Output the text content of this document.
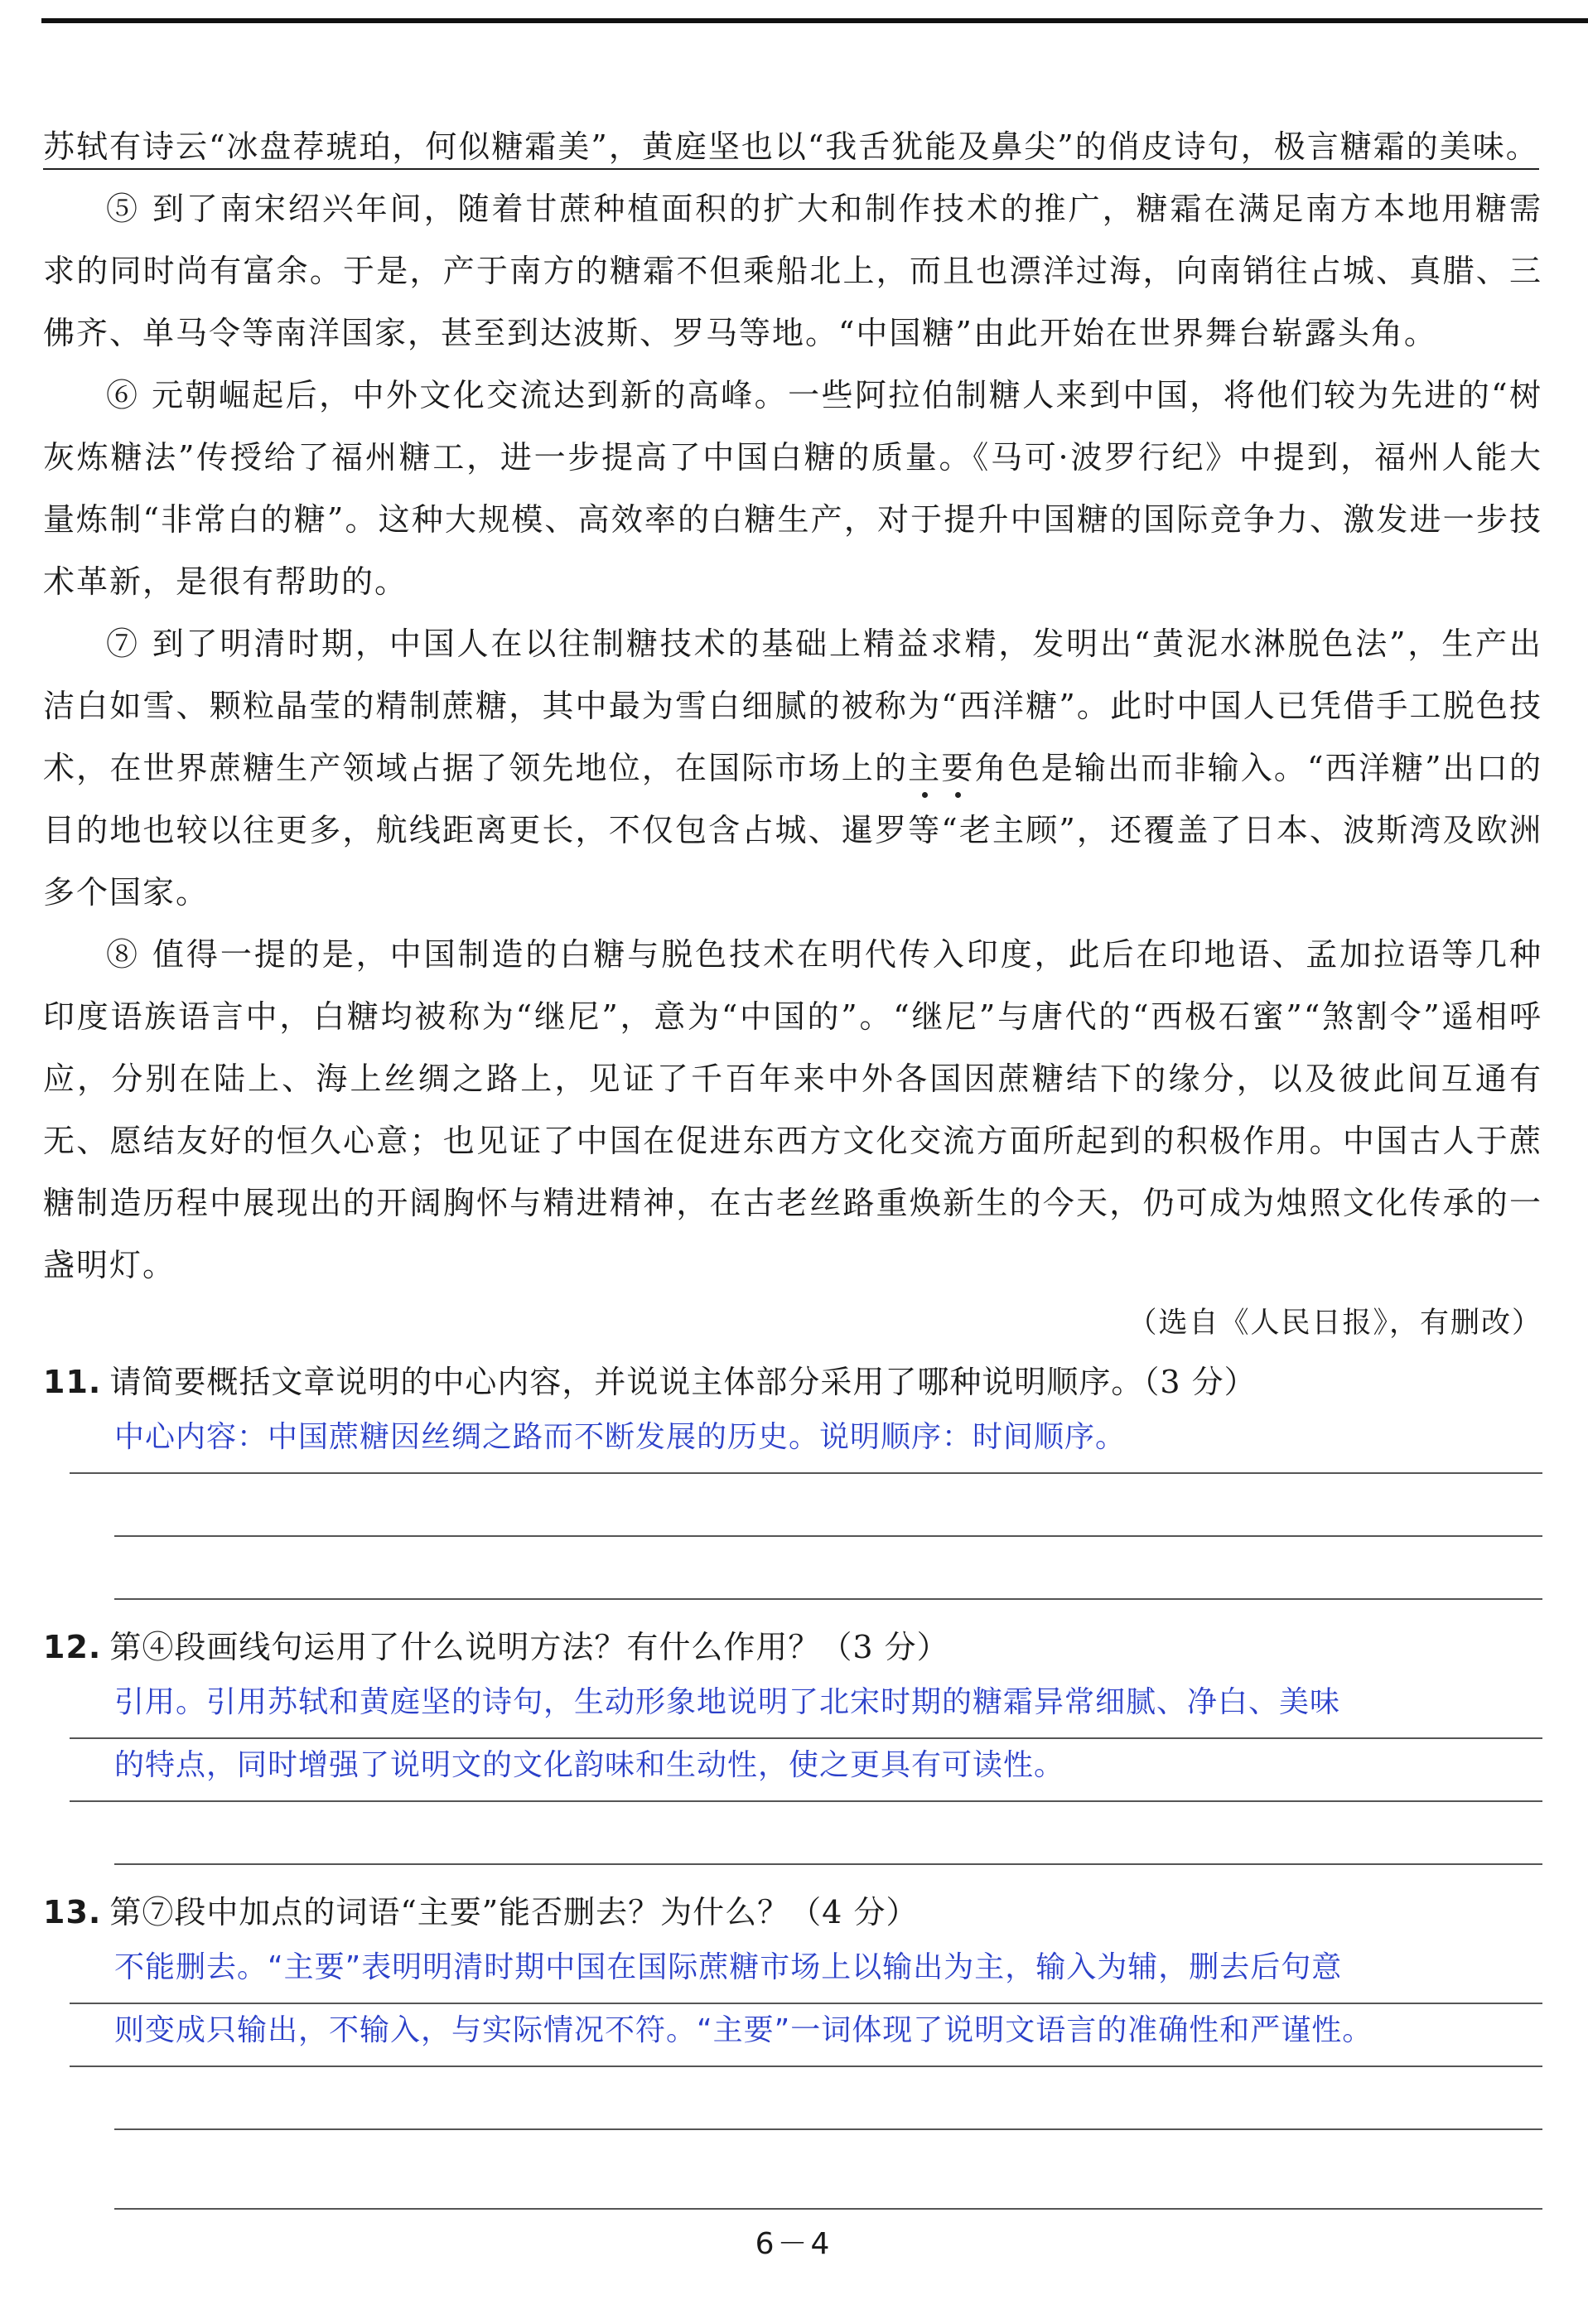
苏轼有诗云“冰盘荐琥珀，何似糖霜美”，黄庭坚也以“我舌犹能及鼻尖”的俏皮诗句，极言糖霜的美味。

⑤ 到了南宋绍兴年间，随着甘蔗种植面积的扩大和制作技术的推广，糖霜在满足南方本地用糖需求的同时尚有富余。于是，产于南方的糖霜不但乘船北上，而且也漂洋过海，向南销往占城、真腊、三佛齐、单马令等南洋国家，甚至到达波斯、罗马等地。“中国糖”由此开始在世界舞台崭露头角。

⑥ 元朝崛起后，中外文化交流达到新的高峰。一些阿拉伯制糖人来到中国，将他们较为先进的“树灰炼糖法”传授给了福州糖工，进一步提高了中国白糖的质量。《马可·波罗行纪》中提到，福州人能大量炼制“非常白的糖”。这种大规模、高效率的白糖生产，对于提升中国糖的国际竞争力、激发进一步技术革新，是很有帮助的。

⑦ 到了明清时期，中国人在以往制糖技术的基础上精益求精，发明出“黄泥水淋脱色法”，生产出洁白如雪、颗粒晶莹的精制蔗糖，其中最为雪白细腻的被称为“西洋糖”。此时中国人已凭借手工脱色技术，在世界蔗糖生产领域占据了领先地位，在国际市场上的主要角色是输出而非输入。“西洋糖”出口的目的地也较以往更多，航线距离更长，不仅包含占城、暹罗等“老主顾”，还覆盖了日本、波斯湾及欧洲多个国家。

⑧ 值得一提的是，中国制造的白糖与脱色技术在明代传入印度，此后在印地语、孟加拉语等几种印度语族语言中，白糖均被称为“继尼”，意为“中国的”。“继尼”与唐代的“西极石蜜”“煞割令”遥相呼应，分别在陆上、海上丝绸之路上，见证了千百年来中外各国因蔗糖结下的缘分，以及彼此间互通有无、愿结友好的恒久心意；也见证了中国在促进东西方文化交流方面所起到的积极作用。中国古人于蔗糖制造历程中展现出的开阔胸怀与精进精神，在古老丝路重焕新生的今天，仍可成为烛照文化传承的一盏明灯。

（选自《人民日报》，有删改）

11. 请简要概括文章说明的中心内容，并说说主体部分采用了哪种说明顺序。（3 分）

中心内容：中国蔗糖因丝绸之路而不断发展的历史。说明顺序：时间顺序。

12. 第④段画线句运用了什么说明方法？有什么作用？（3 分）

引用。引用苏轼和黄庭坚的诗句，生动形象地说明了北宋时期的糖霜异常细腻、净白、美味
的特点，同时增强了说明文的文化韵味和生动性，使之更具有可读性。

13. 第⑦段中加点的词语“主要”能否删去？为什么？（4 分）

不能删去。“主要”表明明清时期中国在国际蔗糖市场上以输出为主，输入为辅，删去后句意
则变成只输出，不输入，与实际情况不符。“主要”一词体现了说明文语言的准确性和严谨性。
6－4
